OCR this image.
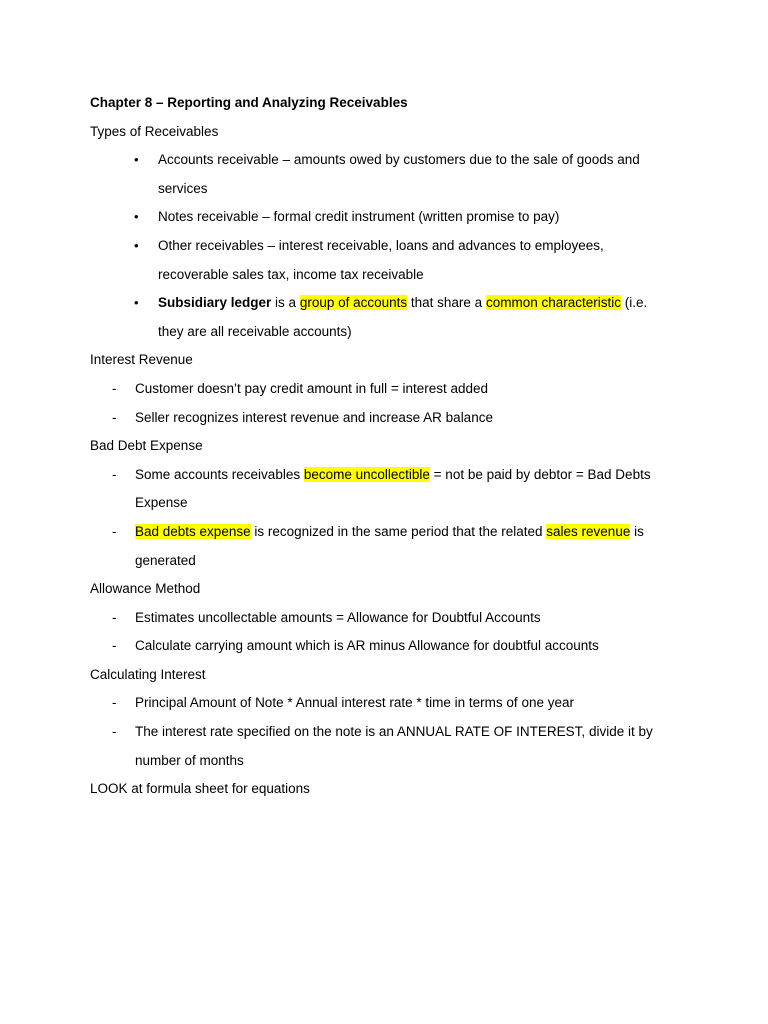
Chapter 8 – Reporting and Analyzing Receivables

Types of Receivables

• Accounts receivable – amounts owed by customers due to the sale of goods and
services
• Notes receivable – formal credit instrument (written promise to pay)
• Other receivables – interest receivable, loans and advances to employees,
recoverable sales tax, income tax receivable
• Subsidiary ledger is a group of accounts that share a common characteristic (i.e.
they are all receivable accounts)

Interest Revenue

- Customer doesn’t pay credit amount in full = interest added
- Seller recognizes interest revenue and increase AR balance

Bad Debt Expense

- Some accounts receivables become uncollectible = not be paid by debtor = Bad Debts
Expense
- Bad debts expense is recognized in the same period that the related sales revenue is
generated

Allowance Method

- Estimates uncollectable amounts = Allowance for Doubtful Accounts
- Calculate carrying amount which is AR minus Allowance for doubtful accounts

Calculating Interest

- Principal Amount of Note * Annual interest rate * time in terms of one year
- The interest rate specified on the note is an ANNUAL RATE OF INTEREST, divide it by
number of months

LOOK at formula sheet for equations
